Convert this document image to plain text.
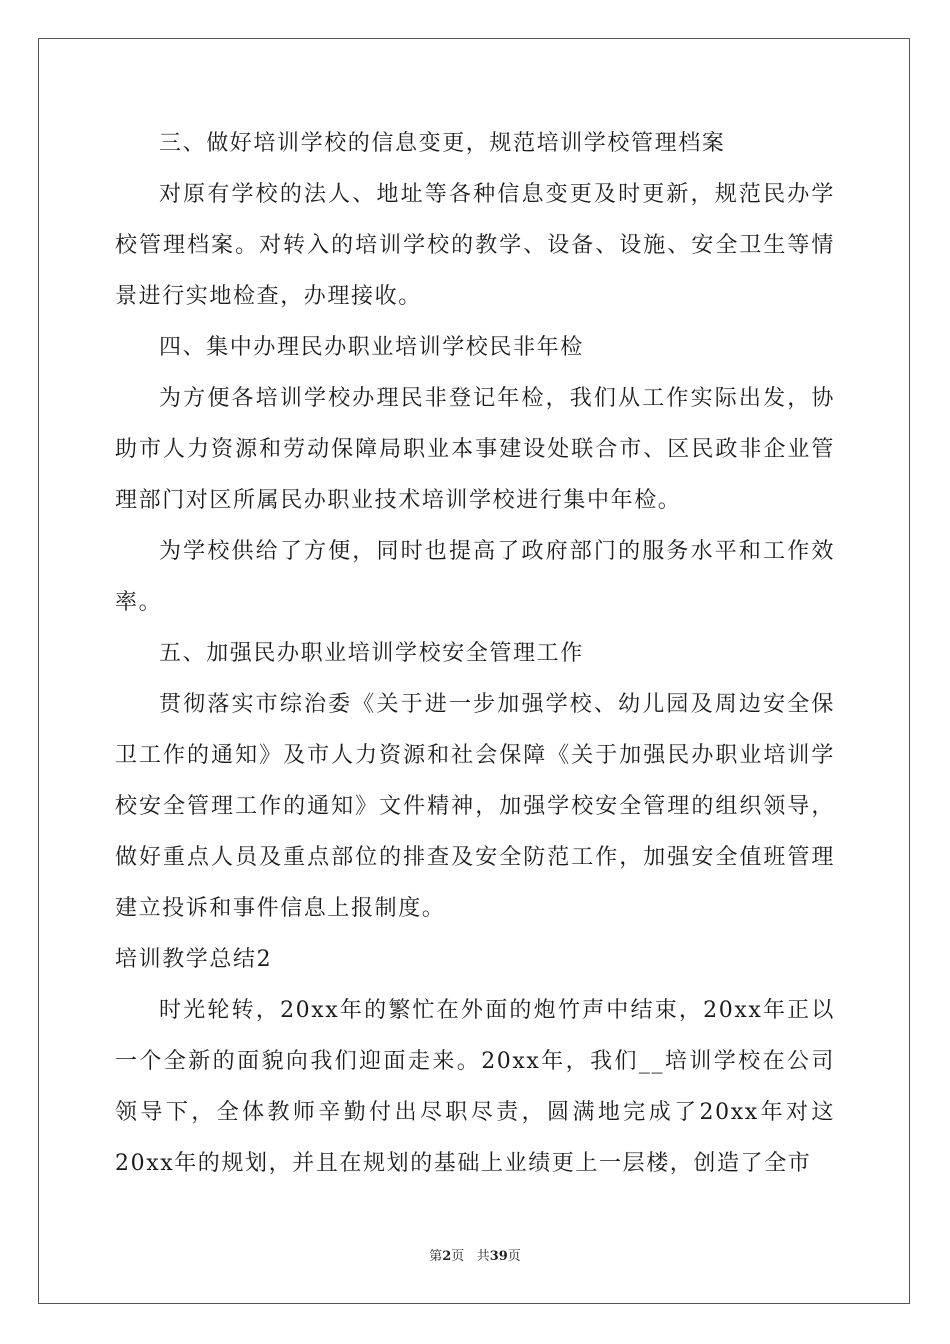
三、做好培训学校的信息变更，规范培训学校管理档案

对原有学校的法人、地址等各种信息变更及时更新，规范民办学校管理档案。对转入的培训学校的教学、设备、设施、安全卫生等情景进行实地检查，办理接收。

四、集中办理民办职业培训学校民非年检

为方便各培训学校办理民非登记年检，我们从工作实际出发，协助市人力资源和劳动保障局职业本事建设处联合市、区民政非企业管理部门对区所属民办职业技术培训学校进行集中年检。

为学校供给了方便，同时也提高了政府部门的服务水平和工作效率。

五、加强民办职业培训学校安全管理工作

贯彻落实市综治委《关于进一步加强学校、幼儿园及周边安全保卫工作的通知》及市人力资源和社会保障《关于加强民办职业培训学校安全管理工作的通知》文件精神，加强学校安全管理的组织领导，做好重点人员及重点部位的排查及安全防范工作，加强安全值班管理建立投诉和事件信息上报制度。

培训教学总结2

时光轮转，20xx年的繁忙在外面的炮竹声中结束，20xx年正以一个全新的面貌向我们迎面走来。20xx年，我们__培训学校在公司领导下，全体教师辛勤付出尽职尽责，圆满地完成了20xx年对这20xx年的规划，并且在规划的基础上业绩更上一层楼，创造了全市

第2页 共39页
